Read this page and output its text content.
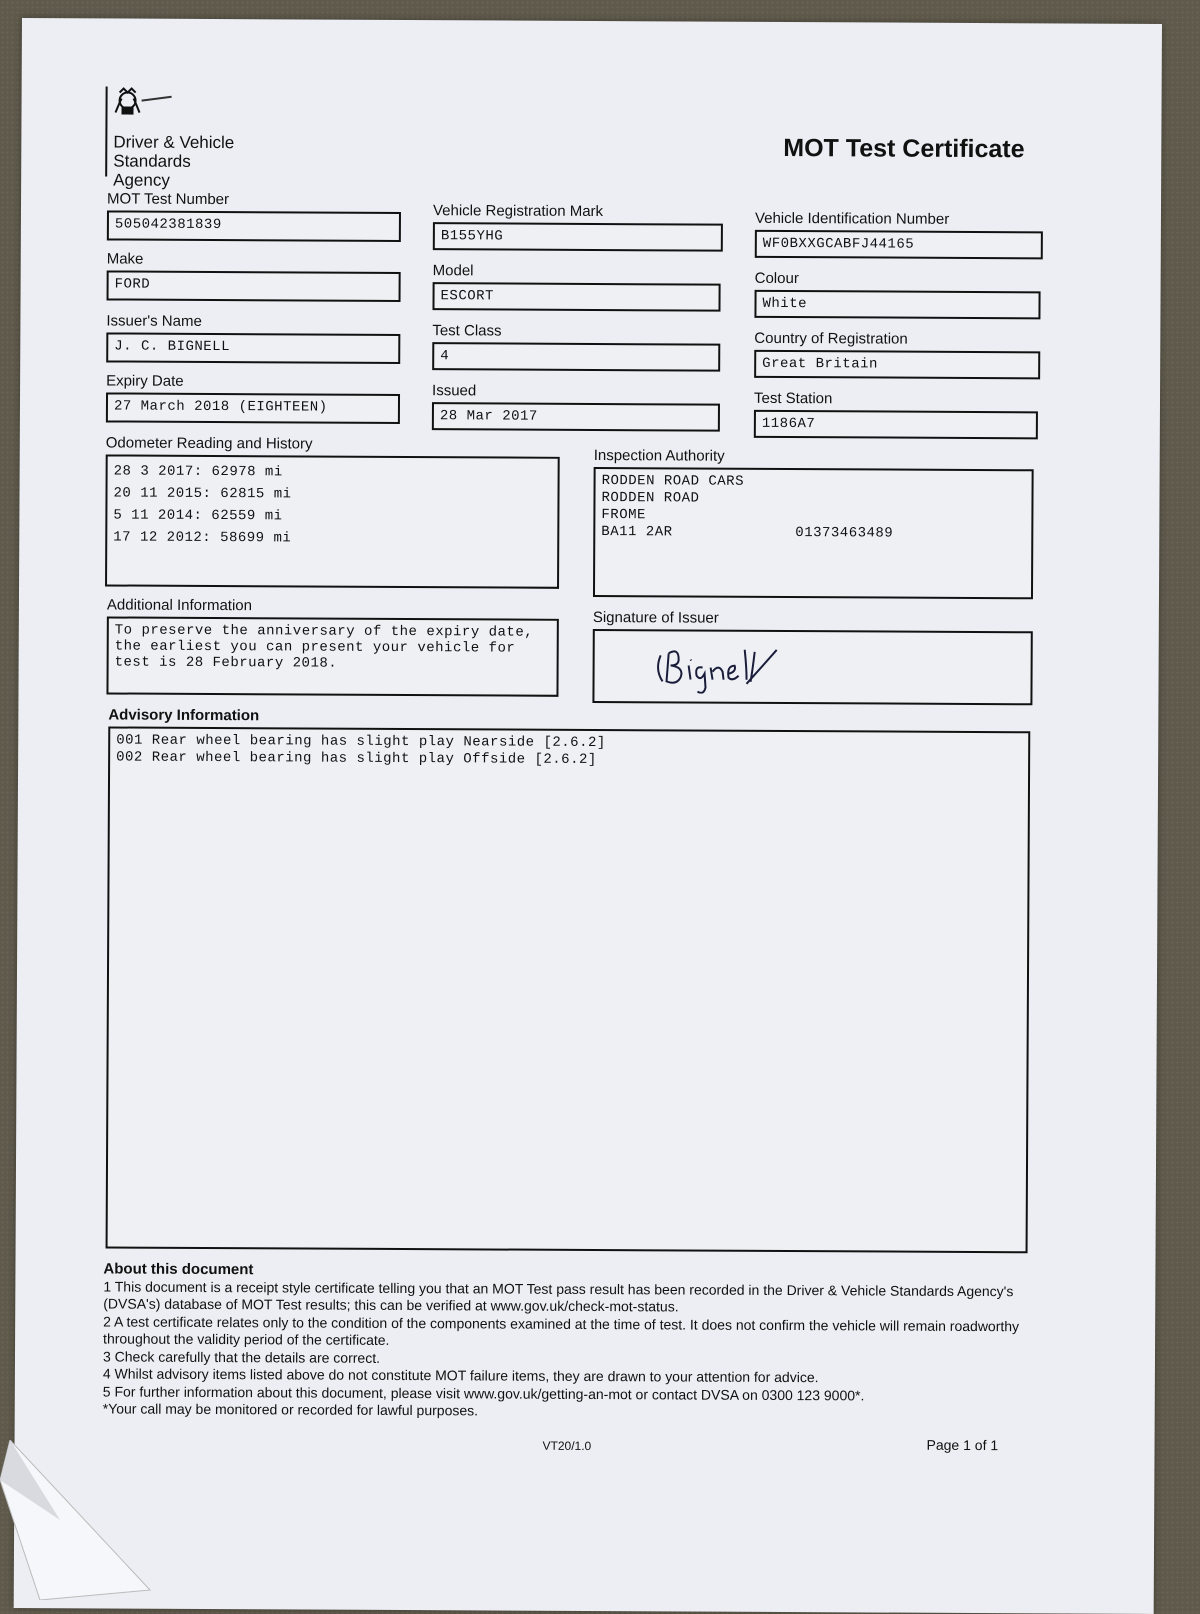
Driver & Vehicle
Standards
Agency
MOT Test Certificate
MOT Test Number
505042381839
Make
FORD
Issuer's Name
J. C. BIGNELL
Expiry Date
27 March 2018 (EIGHTEEN)
Vehicle Registration Mark
B155YHG
Model
ESCORT
Test Class
4
Issued
28 Mar 2017
Vehicle Identification Number
WF0BXXGCABFJ44165
Colour
White
Country of Registration
Great Britain
Test Station
1186A7
Odometer Reading and History
28 3 2017: 62978 mi
20 11 2015: 62815 mi
5 11 2014: 62559 mi
17 12 2012: 58699 mi
Inspection Authority
RODDEN ROAD CARS
RODDEN ROAD
FROME
BA11 2AR	01373463489
Additional Information
To preserve the anniversary of the expiry date,
the earliest you can present your vehicle for
test is 28 February 2018.
Signature of Issuer
Advisory Information
001 Rear wheel bearing has slight play Nearside [2.6.2]
002 Rear wheel bearing has slight play Offside [2.6.2]
About this document
1 This document is a receipt style certificate telling you that an MOT Test pass result has been recorded in the Driver & Vehicle Standards Agency's (DVSA's) database of MOT Test results; this can be verified at www.gov.uk/check-mot-status.
2 A test certificate relates only to the condition of the components examined at the time of test. It does not confirm the vehicle will remain roadworthy throughout the validity period of the certificate.
3 Check carefully that the details are correct.
4 Whilst advisory items listed above do not constitute MOT failure items, they are drawn to your attention for advice.
5 For further information about this document, please visit www.gov.uk/getting-an-mot or contact DVSA on 0300 123 9000*.
*Your call may be monitored or recorded for lawful purposes.
VT20/1.0	Page 1 of 1
